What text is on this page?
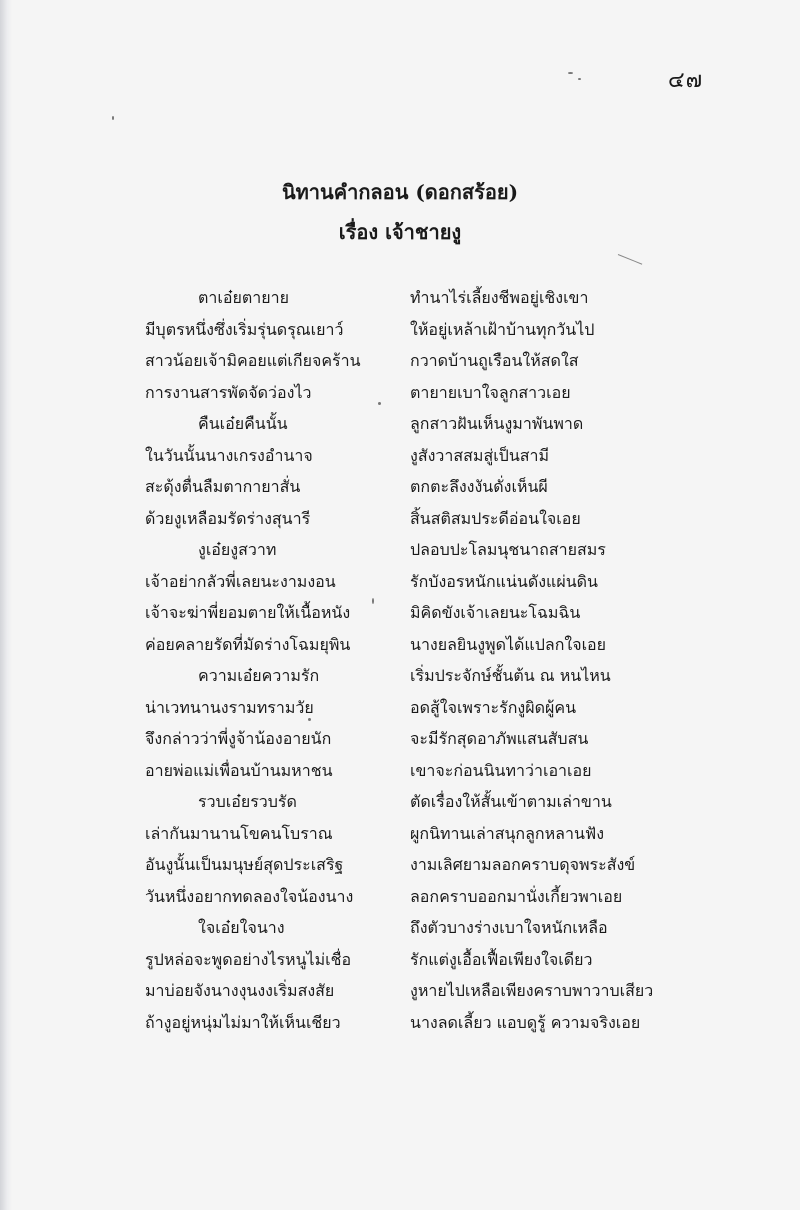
๔๗
นิทานคำกลอน (ดอกสร้อย)
เรื่อง เจ้าชายงู
ตาเอ๋ยตายาย	ทำนาไร่เลี้ยงชีพอยู่เชิงเขา
มีบุตรหนึ่งซึ่งเริ่มรุ่นดรุณเยาว์	ให้อยู่เหล้าเฝ้าบ้านทุกวันไป
สาวน้อยเจ้ามิคอยแต่เกียจคร้าน	กวาดบ้านถูเรือนให้สดใส
การงานสารพัดจัดว่องไว	ตายายเบาใจลูกสาวเอย
คืนเอ๋ยคืนนั้น	ลูกสาวฝันเห็นงูมาพันพาด
ในวันนั้นนางเกรงอำนาจ	งูสังวาสสมสู่เป็นสามี
สะดุ้งตื่นลืมตากายาสั่น	ตกตะลึงงงันดั่งเห็นผี
ด้วยงูเหลือมรัดร่างสุนารี	สิ้นสติสมประดีอ่อนใจเอย
งูเอ๋ยงูสวาท	ปลอบปะโลมนุชนาถสายสมร
เจ้าอย่ากลัวพี่เลยนะงามงอน	รักบังอรหนักแน่นดังแผ่นดิน
เจ้าจะฆ่าพี่ยอมตายให้เนื้อหนัง	มิคิดขังเจ้าเลยนะโฉมฉิน
ค่อยคลายรัดที่มัดร่างโฉมยุพิน	นางยลยินงูพูดได้แปลกใจเอย
ความเอ๋ยความรัก	เริ่มประจักษ์ชั้นต้น ณ หนไหน
น่าเวทนานงรามทรามวัย	อดสู้ใจเพราะรักงูผิดผู้คน
จึงกล่าวว่าพี่งูจ้าน้องอายนัก	จะมีรักสุดอาภัพแสนสับสน
อายพ่อแม่เพื่อนบ้านมหาชน	เขาจะก่อนนินทาว่าเอาเอย
รวบเอ๋ยรวบรัด	ตัดเรื่องให้สั้นเข้าตามเล่าขาน
เล่ากันมานานโขคนโบราณ	ผูกนิทานเล่าสนุกลูกหลานฟัง
อันงูนั้นเป็นมนุษย์สุดประเสริฐ	งามเลิศยามลอกคราบดุจพระสังข์
วันหนึ่งอยากทดลองใจน้องนาง	ลอกคราบออกมานั่งเกี้ยวพาเอย
ใจเอ๋ยใจนาง	ถึงตัวบางร่างเบาใจหนักเหลือ
รูปหล่อจะพูดอย่างไรหนูไม่เชื่อ	รักแต่งูเอื้อเฟื้อเพียงใจเดียว
มาบ่อยจังนางงุนงงเริ่มสงสัย	งูหายไปเหลือเพียงคราบพาวาบเสียว
ถ้างูอยู่หนุ่มไม่มาให้เห็นเชียว	นางลดเลี้ยว แอบดูรู้ ความจริงเอย
